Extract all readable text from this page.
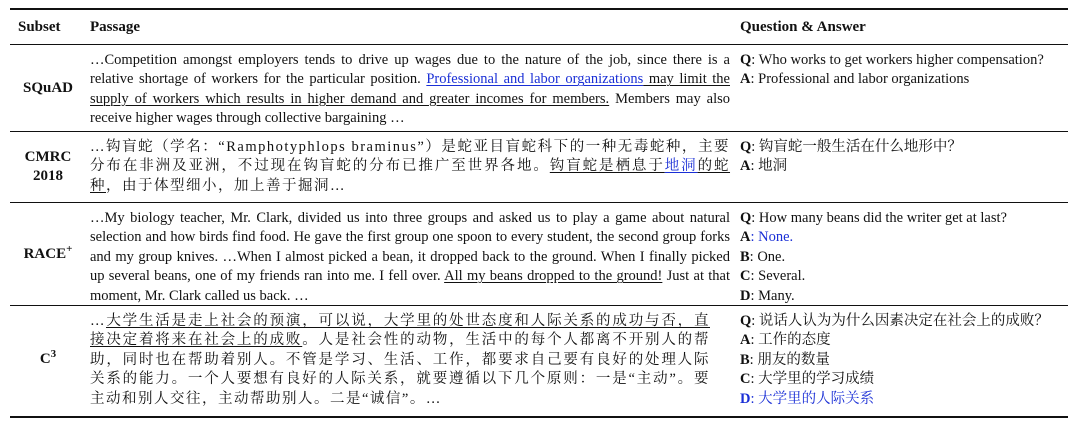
Subset	Passage	Question & Answer
SQuAD
…Competition amongst employers tends to drive up wages due to the nature of the job, since there is a relative shortage of workers for the particular position. Professional and labor organizations may limit the supply of workers which results in higher demand and greater incomes for members. Members may also receive higher wages through collective bargaining …
Q: Who works to get workers higher compensation?
A: Professional and labor organizations
CMRC
2018
…钩盲蛇（学名：“Ramphotyphlops braminus”）是蛇亚目盲蛇科下的一种无毒蛇种，主要分布在非洲及亚洲，不过现在钩盲蛇的分布已推广至世界各地。钩盲蛇是栖息于地洞的蛇种，由于体型细小，加上善于掘洞…
Q: 钩盲蛇一般生活在什么地形中？
A: 地洞
RACE+
…My biology teacher, Mr. Clark, divided us into three groups and asked us to play a game about natural selection and how birds find food. He gave the first group one spoon to every student, the second group forks and my group knives. …When I almost picked a bean, it dropped back to the ground. When I finally picked up several beans, one of my friends ran into me. I fell over. All my beans dropped to the ground! Just at that moment, Mr. Clark called us back. …
Q: How many beans did the writer get at last?
A: None.
B: One.
C: Several.
D: Many.
$C^3$
…大学生活是走上社会的预演，可以说，大学里的处世态度和人际关系的成功与否，直接决定着将来在社会上的成败。人是社会性的动物，生活中的每个人都离不开别人的帮助，同时也在帮助着别人。不管是学习、生活、工作，都要求自己要有良好的处理人际关系的能力。一个人要想有良好的人际关系，就要遵循以下几个原则：一是“主动”。要主动和别人交往，主动帮助别人。二是“诚信”。…
Q: 说话人认为为什么因素决定在社会上的成败？
A: 工作的态度
B: 朋友的数量
C: 大学里的学习成绩
D: 大学里的人际关系
